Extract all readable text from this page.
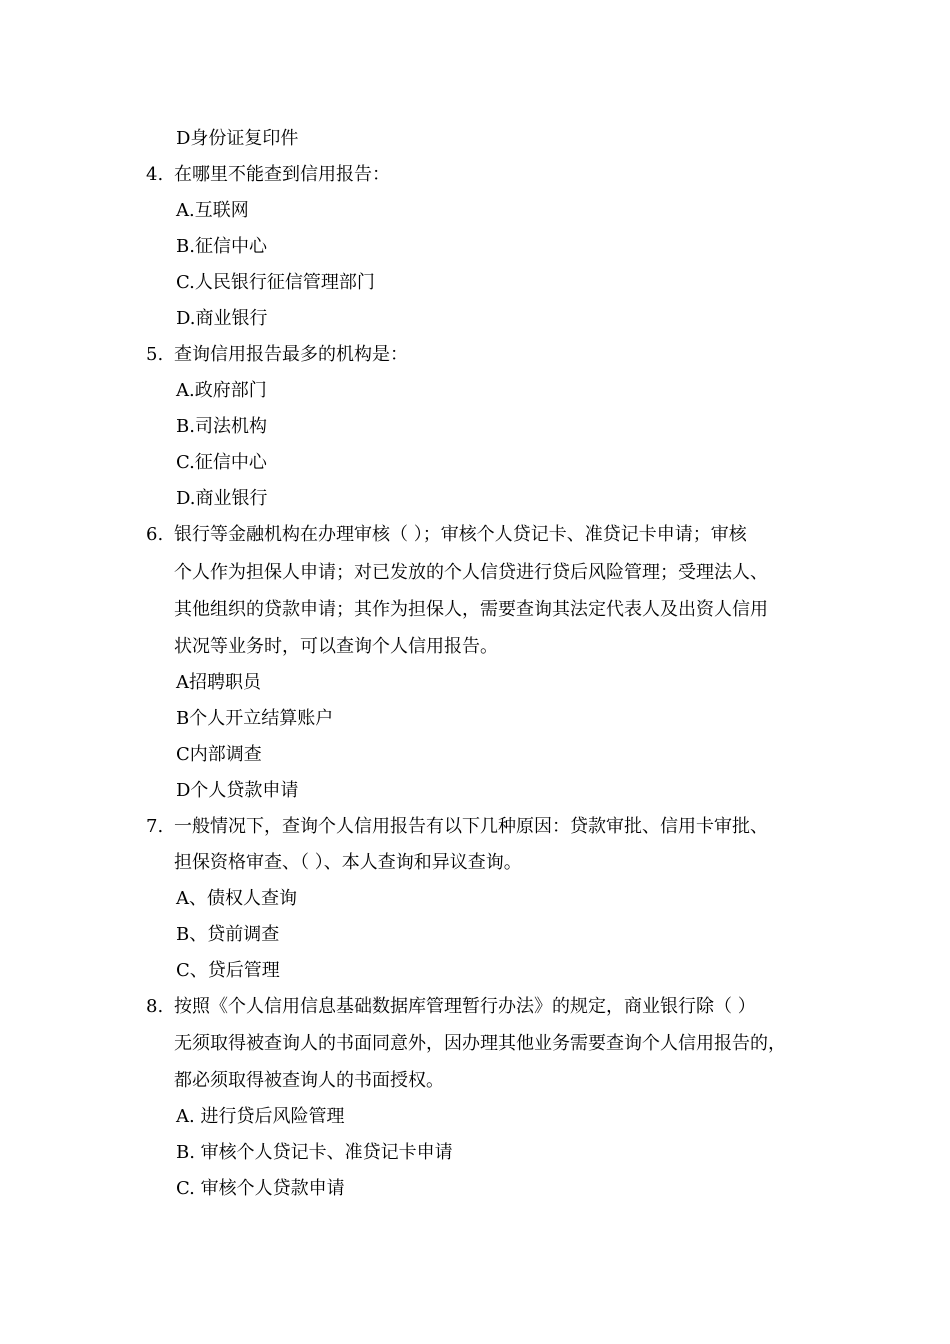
D身份证复印件
4. 在哪里不能查到信用报告：
A.互联网
B.征信中心
C.人民银行征信管理部门
D.商业银行
5. 查询信用报告最多的机构是：
A.政府部门
B.司法机构
C.征信中心
D.商业银行
6. 银行等金融机构在办理审核（ ）；审核个人贷记卡、准贷记卡申请；审核
个人作为担保人申请；对已发放的个人信贷进行贷后风险管理；受理法人、
其他组织的贷款申请；其作为担保人，需要查询其法定代表人及出资人信用
状况等业务时，可以查询个人信用报告。
A招聘职员
B个人开立结算账户
C内部调查
D个人贷款申请
7. 一般情况下，查询个人信用报告有以下几种原因：贷款审批、信用卡审批、
担保资格审查、（ ）、本人查询和异议查询。
A、债权人查询
B、贷前调查
C、贷后管理
8. 按照《个人信用信息基础数据库管理暂行办法》的规定，商业银行除（ ）
无须取得被查询人的书面同意外，因办理其他业务需要查询个人信用报告的，
都必须取得被查询人的书面授权。
A. 进行贷后风险管理
B. 审核个人贷记卡、准贷记卡申请
C. 审核个人贷款申请
